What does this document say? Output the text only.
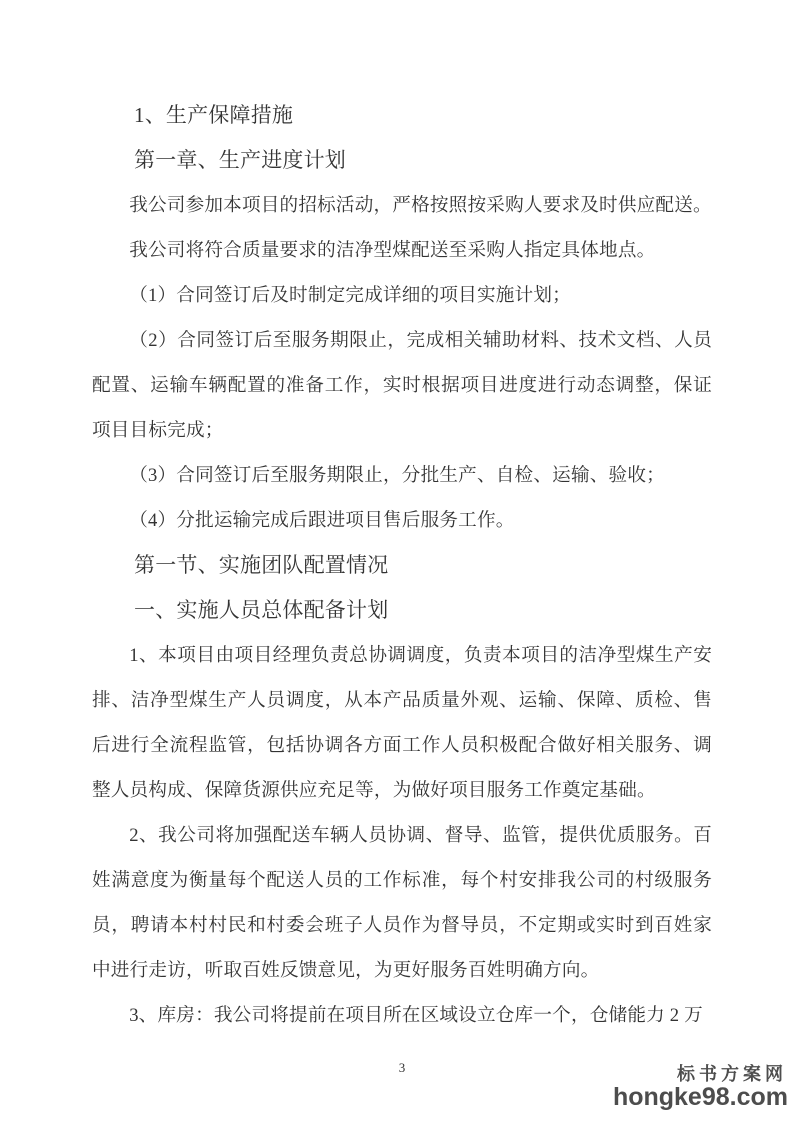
1、生产保障措施
第一章、生产进度计划
我公司参加本项目的招标活动，严格按照按采购人要求及时供应配送。
我公司将符合质量要求的洁净型煤配送至采购人指定具体地点。
（1）合同签订后及时制定完成详细的项目实施计划；
（2）合同签订后至服务期限止，完成相关辅助材料、技术文档、人员
配置、运输车辆配置的准备工作，实时根据项目进度进行动态调整，保证
项目目标完成；
（3）合同签订后至服务期限止，分批生产、自检、运输、验收；
（4）分批运输完成后跟进项目售后服务工作。
第一节、实施团队配置情况
一、实施人员总体配备计划
1、本项目由项目经理负责总协调调度，负责本项目的洁净型煤生产安
排、洁净型煤生产人员调度，从本产品质量外观、运输、保障、质检、售
后进行全流程监管，包括协调各方面工作人员积极配合做好相关服务、调
整人员构成、保障货源供应充足等，为做好项目服务工作奠定基础。
2、我公司将加强配送车辆人员协调、督导、监管，提供优质服务。百
姓满意度为衡量每个配送人员的工作标准，每个村安排我公司的村级服务
员，聘请本村村民和村委会班子人员作为督导员，不定期或实时到百姓家
中进行走访，听取百姓反馈意见，为更好服务百姓明确方向。
3、库房：我公司将提前在项目所在区域设立仓库一个，仓储能力 2 万
3	标书方案网
hongke98.com
